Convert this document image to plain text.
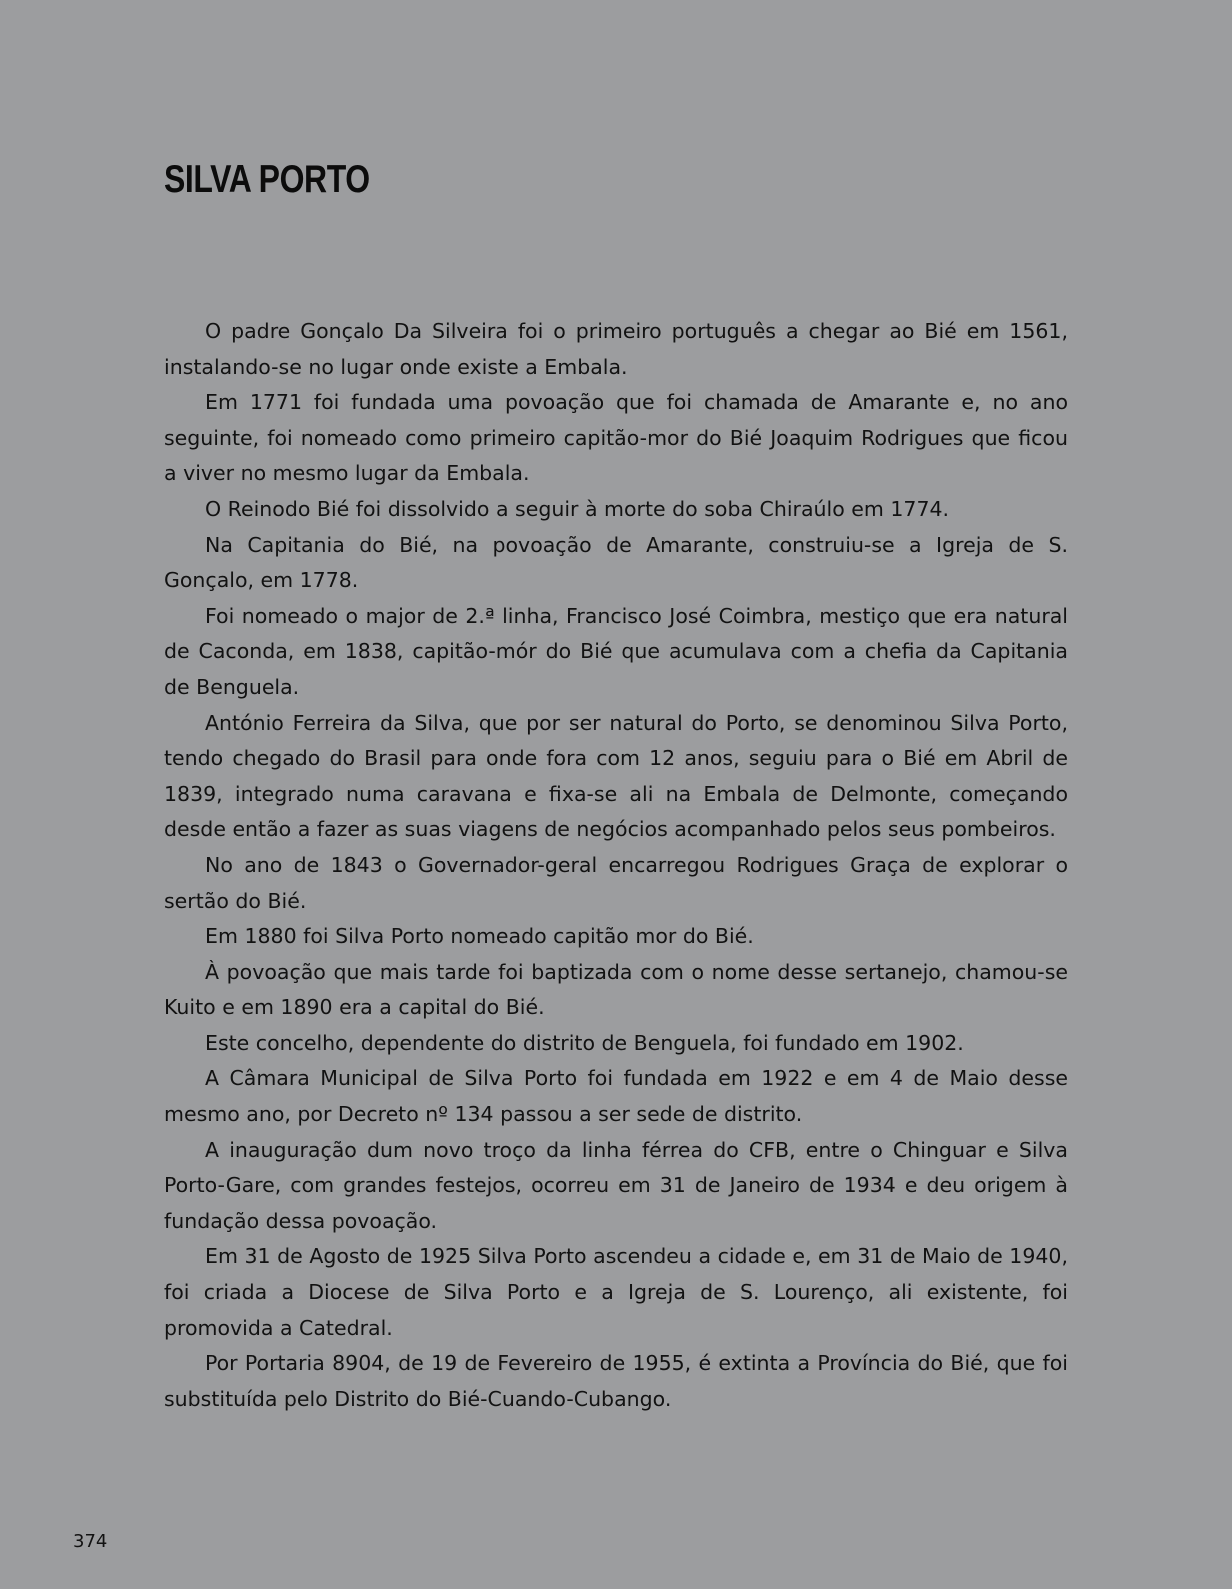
SILVA PORTO

O padre Gonçalo Da Silveira foi o primeiro português a chegar ao Bié em 1561, instalando-se no lugar onde existe a Embala.

Em 1771 foi fundada uma povoação que foi chamada de Amarante e, no ano seguinte, foi nomeado como primeiro capitão-mor do Bié Joaquim Rodrigues que ficou a viver no mesmo lugar da Embala.

O Reinodo Bié foi dissolvido a seguir à morte do soba Chiraúlo em 1774.

Na Capitania do Bié, na povoação de Amarante, construiu-se a Igreja de S. Gonçalo, em 1778.

Foi nomeado o major de 2.ª linha, Francisco José Coimbra, mestiço que era natural de Caconda, em 1838, capitão-mór do Bié que acumulava com a chefia da Capitania de Benguela.

António Ferreira da Silva, que por ser natural do Porto, se denominou Silva Porto, tendo chegado do Brasil para onde fora com 12 anos, seguiu para o Bié em Abril de 1839, integrado numa caravana e fixa-se ali na Embala de Delmonte, começando desde então a fazer as suas viagens de negócios acompanhado pelos seus pombeiros.

No ano de 1843 o Governador-geral encarregou Rodrigues Graça de explorar o sertão do Bié.

Em 1880 foi Silva Porto nomeado capitão mor do Bié.

À povoação que mais tarde foi baptizada com o nome desse sertanejo, chamou-se Kuito e em 1890 era a capital do Bié.

Este concelho, dependente do distrito de Benguela, foi fundado em 1902.

A Câmara Municipal de Silva Porto foi fundada em 1922 e em 4 de Maio desse mesmo ano, por Decreto nº 134 passou a ser sede de distrito.

A inauguração dum novo troço da linha férrea do CFB, entre o Chinguar e Silva Porto-Gare, com grandes festejos, ocorreu em 31 de Janeiro de 1934 e deu origem à fundação dessa povoação.

Em 31 de Agosto de 1925 Silva Porto ascendeu a cidade e, em 31 de Maio de 1940, foi criada a Diocese de Silva Porto e a Igreja de S. Lourenço, ali existente, foi promovida a Catedral.

Por Portaria 8904, de 19 de Fevereiro de 1955, é extinta a Província do Bié, que foi substituída pelo Distrito do Bié-Cuando-Cubango.

374
